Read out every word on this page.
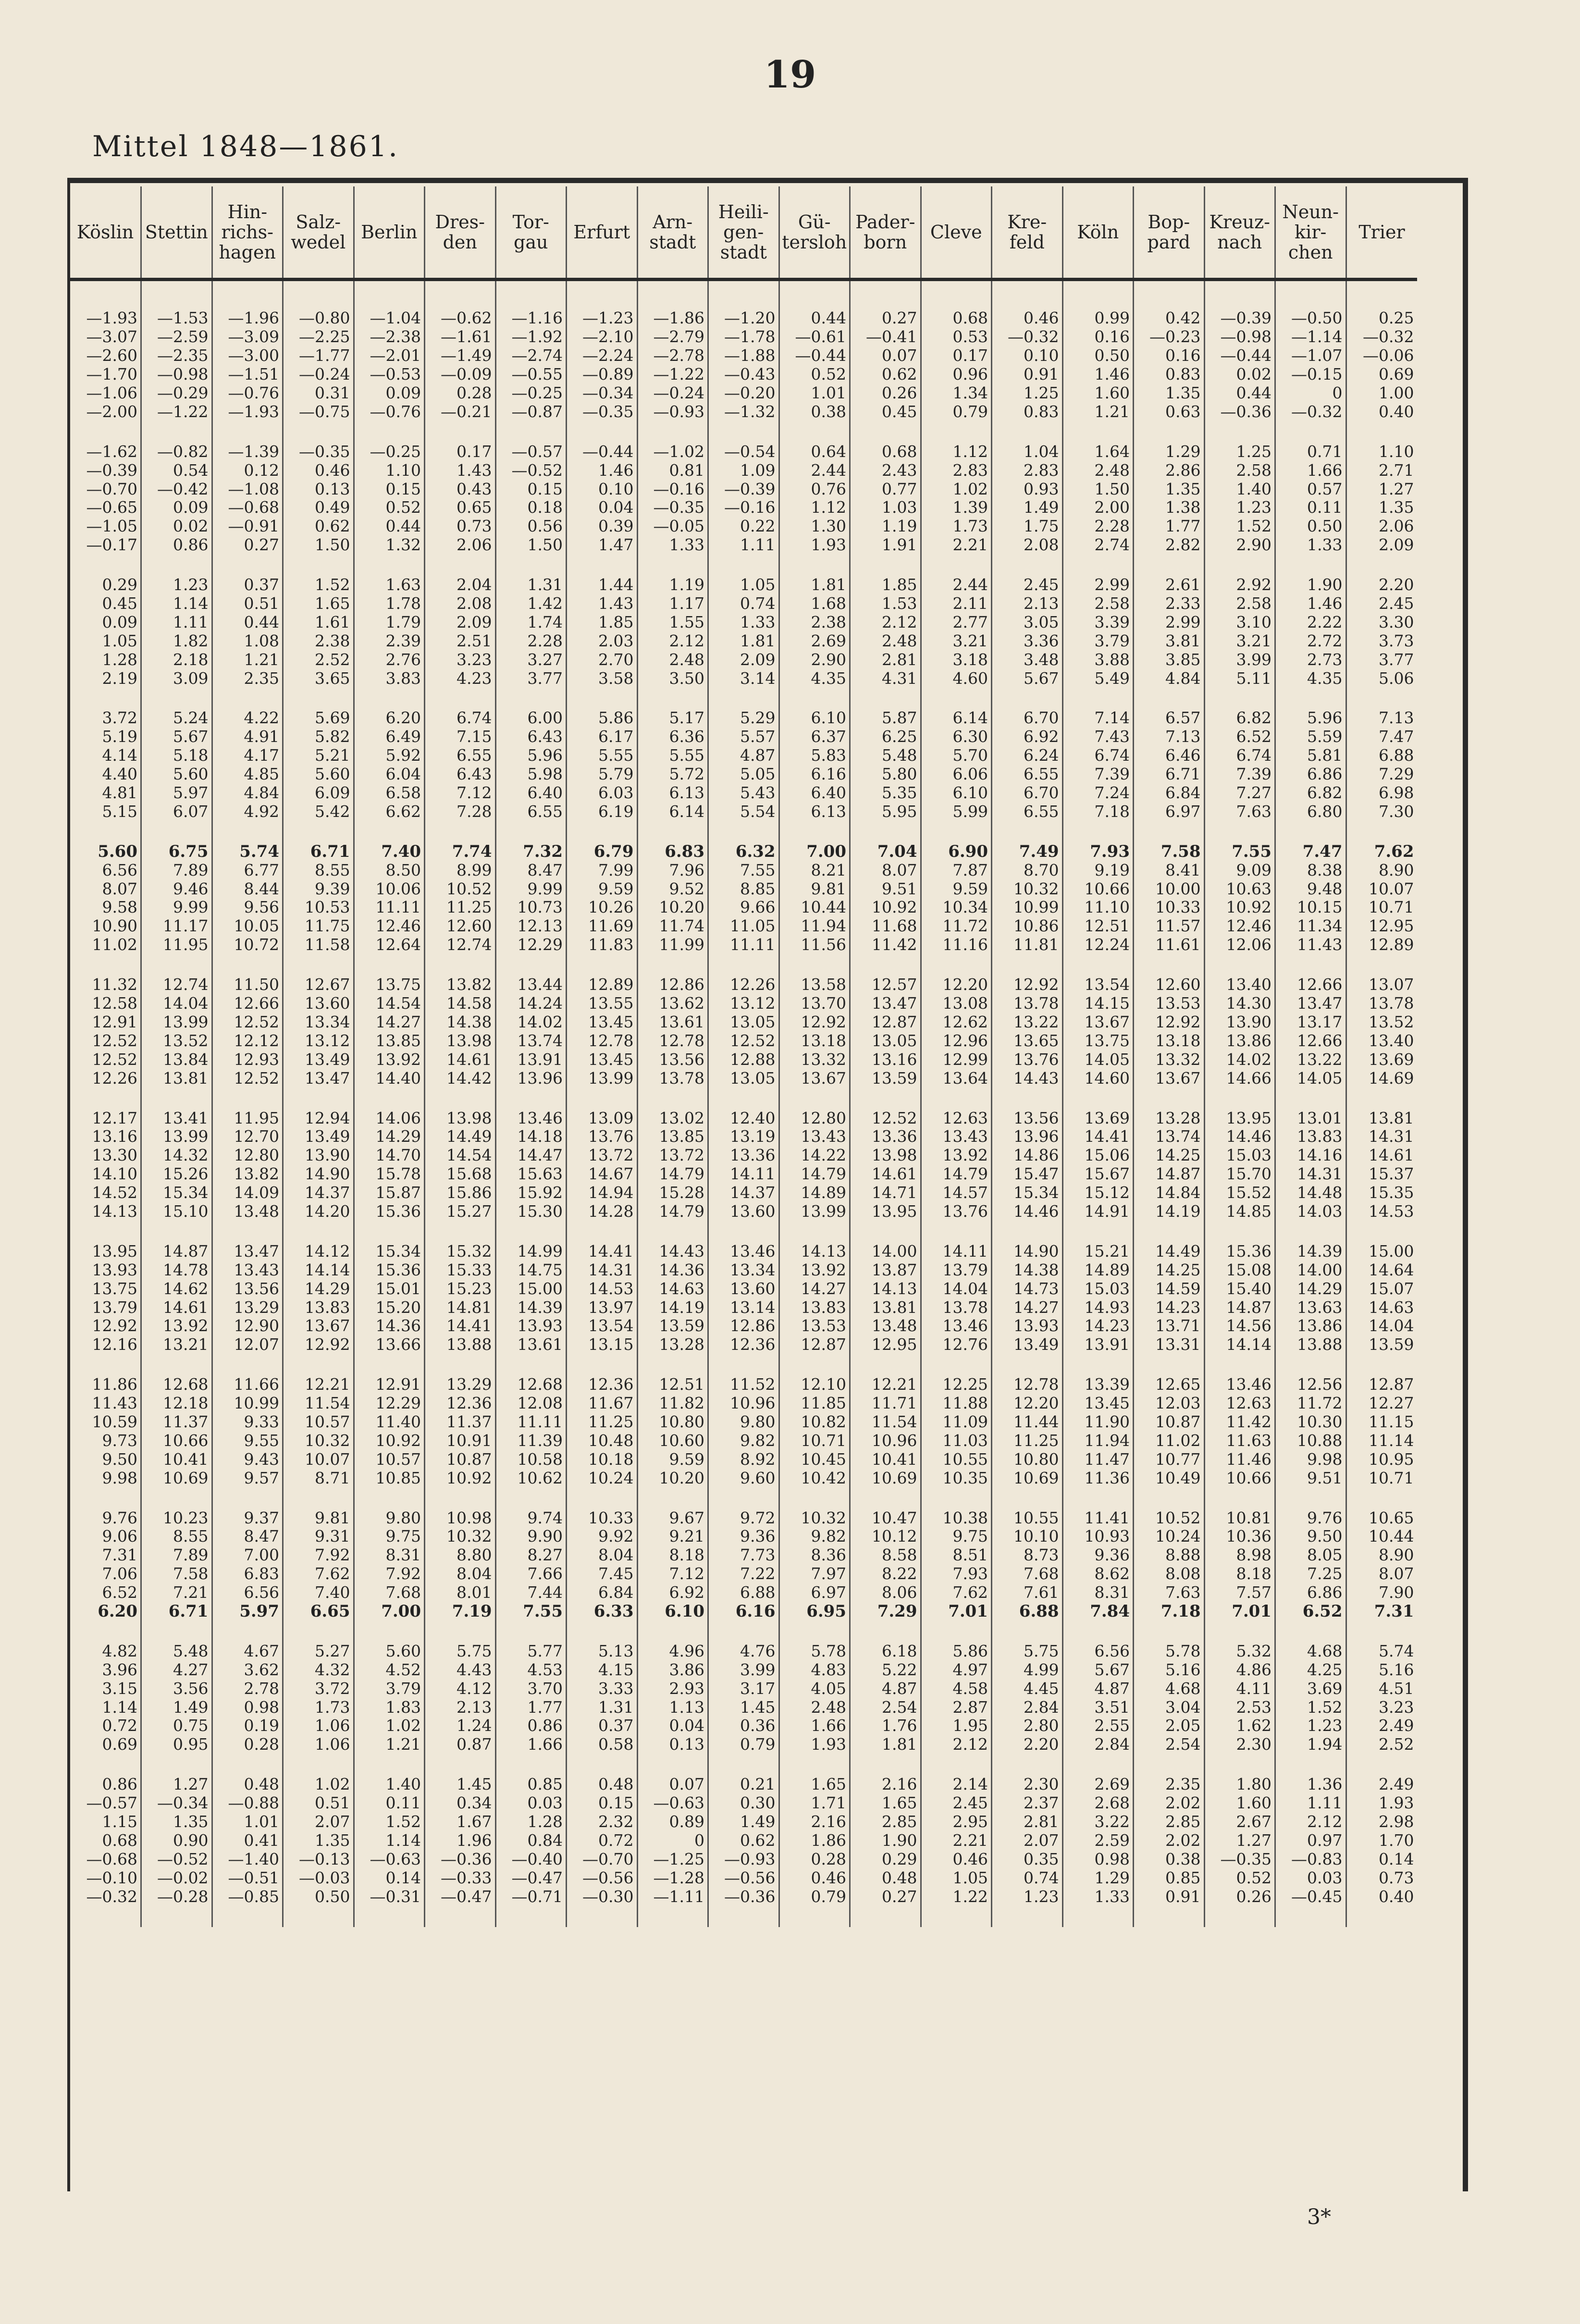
19
Mittel 1848—1861.
Köslin	Stettin	Hin-
richs-
hagen	Salz-
wedel	Berlin	Dres-
den	Tor-
gau	Erfurt	Arn-
stadt	Heili-
gen-
stadt	Gü-
tersloh	Pader-
born	Cleve	Kre-
feld	Köln	Bop-
pard	Kreuz-
nach	Neun-
kir-
chen	Trier

—1.93	—1.53	—1.96	—0.80	—1.04	—0.62	—1.16	—1.23	—1.86	—1.20	0.44	0.27	0.68	0.46	0.99	0.42	—0.39	—0.50	0.25
—3.07	—2.59	—3.09	—2.25	—2.38	—1.61	—1.92	—2.10	—2.79	—1.78	—0.61	—0.41	0.53	—0.32	0.16	—0.23	—0.98	—1.14	—0.32
—2.60	—2.35	—3.00	—1.77	—2.01	—1.49	—2.74	—2.24	—2.78	—1.88	—0.44	0.07	0.17	0.10	0.50	0.16	—0.44	—1.07	—0.06
—1.70	—0.98	—1.51	—0.24	—0.53	—0.09	—0.55	—0.89	—1.22	—0.43	0.52	0.62	0.96	0.91	1.46	0.83	0.02	—0.15	0.69
—1.06	—0.29	—0.76	0.31	0.09	0.28	—0.25	—0.34	—0.24	—0.20	1.01	0.26	1.34	1.25	1.60	1.35	0.44	0	1.00
—2.00	—1.22	—1.93	—0.75	—0.76	—0.21	—0.87	—0.35	—0.93	—1.32	0.38	0.45	0.79	0.83	1.21	0.63	—0.36	—0.32	0.40

—1.62	—0.82	—1.39	—0.35	—0.25	0.17	—0.57	—0.44	—1.02	—0.54	0.64	0.68	1.12	1.04	1.64	1.29	1.25	0.71	1.10
—0.39	0.54	0.12	0.46	1.10	1.43	—0.52	1.46	0.81	1.09	2.44	2.43	2.83	2.83	2.48	2.86	2.58	1.66	2.71
—0.70	—0.42	—1.08	0.13	0.15	0.43	0.15	0.10	—0.16	—0.39	0.76	0.77	1.02	0.93	1.50	1.35	1.40	0.57	1.27
—0.65	0.09	—0.68	0.49	0.52	0.65	0.18	0.04	—0.35	—0.16	1.12	1.03	1.39	1.49	2.00	1.38	1.23	0.11	1.35
—1.05	0.02	—0.91	0.62	0.44	0.73	0.56	0.39	—0.05	0.22	1.30	1.19	1.73	1.75	2.28	1.77	1.52	0.50	2.06
—0.17	0.86	0.27	1.50	1.32	2.06	1.50	1.47	1.33	1.11	1.93	1.91	2.21	2.08	2.74	2.82	2.90	1.33	2.09

0.29	1.23	0.37	1.52	1.63	2.04	1.31	1.44	1.19	1.05	1.81	1.85	2.44	2.45	2.99	2.61	2.92	1.90	2.20
0.45	1.14	0.51	1.65	1.78	2.08	1.42	1.43	1.17	0.74	1.68	1.53	2.11	2.13	2.58	2.33	2.58	1.46	2.45
0.09	1.11	0.44	1.61	1.79	2.09	1.74	1.85	1.55	1.33	2.38	2.12	2.77	3.05	3.39	2.99	3.10	2.22	3.30
1.05	1.82	1.08	2.38	2.39	2.51	2.28	2.03	2.12	1.81	2.69	2.48	3.21	3.36	3.79	3.81	3.21	2.72	3.73
1.28	2.18	1.21	2.52	2.76	3.23	3.27	2.70	2.48	2.09	2.90	2.81	3.18	3.48	3.88	3.85	3.99	2.73	3.77
2.19	3.09	2.35	3.65	3.83	4.23	3.77	3.58	3.50	3.14	4.35	4.31	4.60	5.67	5.49	4.84	5.11	4.35	5.06

3.72	5.24	4.22	5.69	6.20	6.74	6.00	5.86	5.17	5.29	6.10	5.87	6.14	6.70	7.14	6.57	6.82	5.96	7.13
5.19	5.67	4.91	5.82	6.49	7.15	6.43	6.17	6.36	5.57	6.37	6.25	6.30	6.92	7.43	7.13	6.52	5.59	7.47
4.14	5.18	4.17	5.21	5.92	6.55	5.96	5.55	5.55	4.87	5.83	5.48	5.70	6.24	6.74	6.46	6.74	5.81	6.88
4.40	5.60	4.85	5.60	6.04	6.43	5.98	5.79	5.72	5.05	6.16	5.80	6.06	6.55	7.39	6.71	7.39	6.86	7.29
4.81	5.97	4.84	6.09	6.58	7.12	6.40	6.03	6.13	5.43	6.40	5.35	6.10	6.70	7.24	6.84	7.27	6.82	6.98
5.15	6.07	4.92	5.42	6.62	7.28	6.55	6.19	6.14	5.54	6.13	5.95	5.99	6.55	7.18	6.97	7.63	6.80	7.30

5.60	6.75	5.74	6.71	7.40	7.74	7.32	6.79	6.83	6.32	7.00	7.04	6.90	7.49	7.93	7.58	7.55	7.47	7.62
6.56	7.89	6.77	8.55	8.50	8.99	8.47	7.99	7.96	7.55	8.21	8.07	7.87	8.70	9.19	8.41	9.09	8.38	8.90
8.07	9.46	8.44	9.39	10.06	10.52	9.99	9.59	9.52	8.85	9.81	9.51	9.59	10.32	10.66	10.00	10.63	9.48	10.07
9.58	9.99	9.56	10.53	11.11	11.25	10.73	10.26	10.20	9.66	10.44	10.92	10.34	10.99	11.10	10.33	10.92	10.15	10.71
10.90	11.17	10.05	11.75	12.46	12.60	12.13	11.69	11.74	11.05	11.94	11.68	11.72	10.86	12.51	11.57	12.46	11.34	12.95
11.02	11.95	10.72	11.58	12.64	12.74	12.29	11.83	11.99	11.11	11.56	11.42	11.16	11.81	12.24	11.61	12.06	11.43	12.89

11.32	12.74	11.50	12.67	13.75	13.82	13.44	12.89	12.86	12.26	13.58	12.57	12.20	12.92	13.54	12.60	13.40	12.66	13.07
12.58	14.04	12.66	13.60	14.54	14.58	14.24	13.55	13.62	13.12	13.70	13.47	13.08	13.78	14.15	13.53	14.30	13.47	13.78
12.91	13.99	12.52	13.34	14.27	14.38	14.02	13.45	13.61	13.05	12.92	12.87	12.62	13.22	13.67	12.92	13.90	13.17	13.52
12.52	13.52	12.12	13.12	13.85	13.98	13.74	12.78	12.78	12.52	13.18	13.05	12.96	13.65	13.75	13.18	13.86	12.66	13.40
12.52	13.84	12.93	13.49	13.92	14.61	13.91	13.45	13.56	12.88	13.32	13.16	12.99	13.76	14.05	13.32	14.02	13.22	13.69
12.26	13.81	12.52	13.47	14.40	14.42	13.96	13.99	13.78	13.05	13.67	13.59	13.64	14.43	14.60	13.67	14.66	14.05	14.69

12.17	13.41	11.95	12.94	14.06	13.98	13.46	13.09	13.02	12.40	12.80	12.52	12.63	13.56	13.69	13.28	13.95	13.01	13.81
13.16	13.99	12.70	13.49	14.29	14.49	14.18	13.76	13.85	13.19	13.43	13.36	13.43	13.96	14.41	13.74	14.46	13.83	14.31
13.30	14.32	12.80	13.90	14.70	14.54	14.47	13.72	13.72	13.36	14.22	13.98	13.92	14.86	15.06	14.25	15.03	14.16	14.61
14.10	15.26	13.82	14.90	15.78	15.68	15.63	14.67	14.79	14.11	14.79	14.61	14.79	15.47	15.67	14.87	15.70	14.31	15.37
14.52	15.34	14.09	14.37	15.87	15.86	15.92	14.94	15.28	14.37	14.89	14.71	14.57	15.34	15.12	14.84	15.52	14.48	15.35
14.13	15.10	13.48	14.20	15.36	15.27	15.30	14.28	14.79	13.60	13.99	13.95	13.76	14.46	14.91	14.19	14.85	14.03	14.53

13.95	14.87	13.47	14.12	15.34	15.32	14.99	14.41	14.43	13.46	14.13	14.00	14.11	14.90	15.21	14.49	15.36	14.39	15.00
13.93	14.78	13.43	14.14	15.36	15.33	14.75	14.31	14.36	13.34	13.92	13.87	13.79	14.38	14.89	14.25	15.08	14.00	14.64
13.75	14.62	13.56	14.29	15.01	15.23	15.00	14.53	14.63	13.60	14.27	14.13	14.04	14.73	15.03	14.59	15.40	14.29	15.07
13.79	14.61	13.29	13.83	15.20	14.81	14.39	13.97	14.19	13.14	13.83	13.81	13.78	14.27	14.93	14.23	14.87	13.63	14.63
12.92	13.92	12.90	13.67	14.36	14.41	13.93	13.54	13.59	12.86	13.53	13.48	13.46	13.93	14.23	13.71	14.56	13.86	14.04
12.16	13.21	12.07	12.92	13.66	13.88	13.61	13.15	13.28	12.36	12.87	12.95	12.76	13.49	13.91	13.31	14.14	13.88	13.59

11.86	12.68	11.66	12.21	12.91	13.29	12.68	12.36	12.51	11.52	12.10	12.21	12.25	12.78	13.39	12.65	13.46	12.56	12.87
11.43	12.18	10.99	11.54	12.29	12.36	12.08	11.67	11.82	10.96	11.85	11.71	11.88	12.20	13.45	12.03	12.63	11.72	12.27
10.59	11.37	9.33	10.57	11.40	11.37	11.11	11.25	10.80	9.80	10.82	11.54	11.09	11.44	11.90	10.87	11.42	10.30	11.15
9.73	10.66	9.55	10.32	10.92	10.91	11.39	10.48	10.60	9.82	10.71	10.96	11.03	11.25	11.94	11.02	11.63	10.88	11.14
9.50	10.41	9.43	10.07	10.57	10.87	10.58	10.18	9.59	8.92	10.45	10.41	10.55	10.80	11.47	10.77	11.46	9.98	10.95
9.98	10.69	9.57	8.71	10.85	10.92	10.62	10.24	10.20	9.60	10.42	10.69	10.35	10.69	11.36	10.49	10.66	9.51	10.71

9.76	10.23	9.37	9.81	9.80	10.98	9.74	10.33	9.67	9.72	10.32	10.47	10.38	10.55	11.41	10.52	10.81	9.76	10.65
9.06	8.55	8.47	9.31	9.75	10.32	9.90	9.92	9.21	9.36	9.82	10.12	9.75	10.10	10.93	10.24	10.36	9.50	10.44
7.31	7.89	7.00	7.92	8.31	8.80	8.27	8.04	8.18	7.73	8.36	8.58	8.51	8.73	9.36	8.88	8.98	8.05	8.90
7.06	7.58	6.83	7.62	7.92	8.04	7.66	7.45	7.12	7.22	7.97	8.22	7.93	7.68	8.62	8.08	8.18	7.25	8.07
6.52	7.21	6.56	7.40	7.68	8.01	7.44	6.84	6.92	6.88	6.97	8.06	7.62	7.61	8.31	7.63	7.57	6.86	7.90
6.20	6.71	5.97	6.65	7.00	7.19	7.55	6.33	6.10	6.16	6.95	7.29	7.01	6.88	7.84	7.18	7.01	6.52	7.31

4.82	5.48	4.67	5.27	5.60	5.75	5.77	5.13	4.96	4.76	5.78	6.18	5.86	5.75	6.56	5.78	5.32	4.68	5.74
3.96	4.27	3.62	4.32	4.52	4.43	4.53	4.15	3.86	3.99	4.83	5.22	4.97	4.99	5.67	5.16	4.86	4.25	5.16
3.15	3.56	2.78	3.72	3.79	4.12	3.70	3.33	2.93	3.17	4.05	4.87	4.58	4.45	4.87	4.68	4.11	3.69	4.51
1.14	1.49	0.98	1.73	1.83	2.13	1.77	1.31	1.13	1.45	2.48	2.54	2.87	2.84	3.51	3.04	2.53	1.52	3.23
0.72	0.75	0.19	1.06	1.02	1.24	0.86	0.37	0.04	0.36	1.66	1.76	1.95	2.80	2.55	2.05	1.62	1.23	2.49
0.69	0.95	0.28	1.06	1.21	0.87	1.66	0.58	0.13	0.79	1.93	1.81	2.12	2.20	2.84	2.54	2.30	1.94	2.52

0.86	1.27	0.48	1.02	1.40	1.45	0.85	0.48	0.07	0.21	1.65	2.16	2.14	2.30	2.69	2.35	1.80	1.36	2.49
—0.57	—0.34	—0.88	0.51	0.11	0.34	0.03	0.15	—0.63	0.30	1.71	1.65	2.45	2.37	2.68	2.02	1.60	1.11	1.93
1.15	1.35	1.01	2.07	1.52	1.67	1.28	2.32	0.89	1.49	2.16	2.85	2.95	2.81	3.22	2.85	2.67	2.12	2.98
0.68	0.90	0.41	1.35	1.14	1.96	0.84	0.72	0	0.62	1.86	1.90	2.21	2.07	2.59	2.02	1.27	0.97	1.70
—0.68	—0.52	—1.40	—0.13	—0.63	—0.36	—0.40	—0.70	—1.25	—0.93	0.28	0.29	0.46	0.35	0.98	0.38	—0.35	—0.83	0.14
—0.10	—0.02	—0.51	—0.03	0.14	—0.33	—0.47	—0.56	—1.28	—0.56	0.46	0.48	1.05	0.74	1.29	0.85	0.52	0.03	0.73
—0.32	—0.28	—0.85	0.50	—0.31	—0.47	—0.71	—0.30	—1.11	—0.36	0.79	0.27	1.22	1.23	1.33	0.91	0.26	—0.45	0.40

3*
